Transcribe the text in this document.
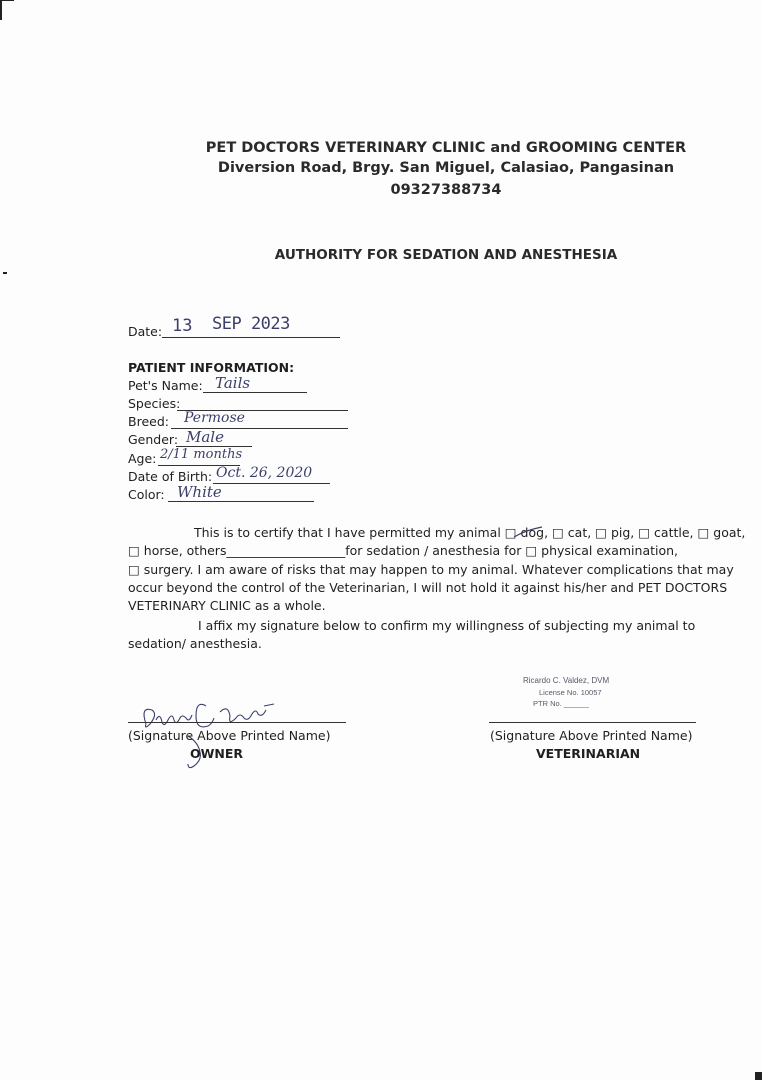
PET DOCTORS VETERINARY CLINIC and GROOMING CENTER
Diversion Road, Brgy. San Miguel, Calasiao, Pangasinan
09327388734
AUTHORITY FOR SEDATION AND ANESTHESIA
Date: 13 SEP 2023
PATIENT INFORMATION:
Pet's Name: Tails
Species:
Breed: Permose
Gender: Male
Age: 2/11 months
Date of Birth: Oct. 26, 2020
Color: White
This is to certify that I have permitted my animal □ dog, □ cat, □ pig, □ cattle, □ goat,
□ horse, others___________________for sedation / anesthesia for □ physical examination,
□ surgery. I am aware of risks that may happen to my animal. Whatever complications that may
occur beyond the control of the Veterinarian, I will not hold it against his/her and PET DOCTORS
VETERINARY CLINIC as a whole.
I affix my signature below to confirm my willingness of subjecting my animal to
sedation/ anesthesia.
(Signature Above Printed Name)
OWNER
Ricardo C. Valdez, DVM
License No. 10057
PTR No. ______
(Signature Above Printed Name)
VETERINARIAN
